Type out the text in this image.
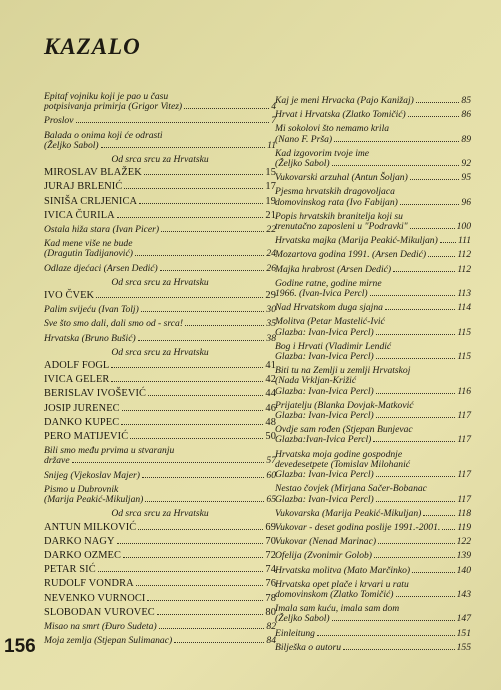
KAZALO
Epitaf vojniku koji je pao u času
potpisivanja primirja (Grigor Vitez)	4
Proslov	7
Balada o onima koji će odrasti
(Željko Sabol)	11
Od srca srcu za Hrvatsku
MIROSLAV BLAŽEK	15
JURAJ BRLENIĆ	17
SINIŠA CRLJENICA	19
IVICA ČURILA	21
Ostala hiža stara (Ivan Picer)	22
Kad mene više ne bude
(Dragutin Tadijanović)	24
Odlaze djećaci (Arsen Dedić)	26
Od srca srcu za Hrvatsku
IVO ČVEK	29
Palim svijeću (Ivan Tolj)	30
Sve što smo dali, dali smo od - srca!	35
Hrvatska (Bruno Bušić)	38
Od srca srcu za Hrvatsku
ADOLF FOGL	41
IVICA GELER	42
BERISLAV IVOŠEVIĆ	44
JOSIP JURENEC	46
DANKO KUPEC	48
PERO MATIJEVIĆ	50
Bili smo među prvima u stvaranju
države	57
Snijeg (Vjekoslav Majer)	60
Pismo u Dubrovnik
(Marija Peakić-Mikuljan)	65
Od srca srcu za Hrvatsku
ANTUN MILKOVIĆ	69
DARKO NAGY	70
DARKO OZMEC	72
PETAR SIĆ	74
RUDOLF VONDRA	76
NEVENKO VURNOCI	78
SLOBODAN VUROVEC	80
Misao na smrt (Đuro Sudeta)	82
Moja zemlja (Stjepan Sulimanac)	84
Kaj je meni Hrvacka (Pajo Kanižaj)	85
Hrvat i Hrvatska (Zlatko Tomičić)	86
Mi sokolovi što nemamo krila
(Nano F. Prša)	89
Kad izgovorim tvoje ime
(Željko Sabol)	92
Vukovarski arzuhal (Antun Šoljan)	95
Pjesma hrvatskih dragovoljaca
domovinskog rata (Ivo Fabijan)	96
Popis hrvatskih branitelja koji su
trenutačno zaposleni u "Podravki"	100
Hrvatska majka (Marija Peakić-Mikuljan) 111
Mozartova godina 1991. (Arsen Dedić)	112
Majka hrabrost (Arsen Dedić)	112
Godine ratne, godine mirne
1966. (Ivan-Ivica Percl)	113
Nad Hrvatskom duga sjajna	114
Molitva (Petar Mastelić-Ivić
Glazba: Ivan-Ivica Percl)	115
Bog i Hrvati (Vladimir Lendić
Glazba: Ivan-Ivica Percl)	115
Biti tu na Zemlji u zemlji Hrvatskoj
(Nada Vrkljan-Križić
Glazba: Ivan-Ivica Percl)	116
Prijatelju (Blanka Dovjak-Matković
Glazba: Ivan-Ivica Percl)	117
Ovdje sam rođen (Stjepan Bunjevac
Glazba:Ivan-Ivica Percl)	117
Hrvatska moja godine gospodnje
devedesetpete (Tomislav Milohanić
Glazba: Ivan-Ivica Percl)	117
Nestao čovjek (Mirjana Sačer-Bobanac
Glazba: Ivan-Ivica Percl)	117
Vukovarska (Marija Peakić-Mikuljan)	118
Vukovar - deset godina poslije 1991.-2001. 119
Vukovar (Nenad Marinac)	122
Ofelija (Zvonimir Golob)	139
Hrvatska molitva (Mato Marčinko)	140
Hrvatska opet plače i krvari u ratu
domovinskom (Zlatko Tomičić)	143
Imala sam kuću, imala sam dom
(Željko Sabol)	147
Einleitung	151
Bilješka o autoru	155
156
